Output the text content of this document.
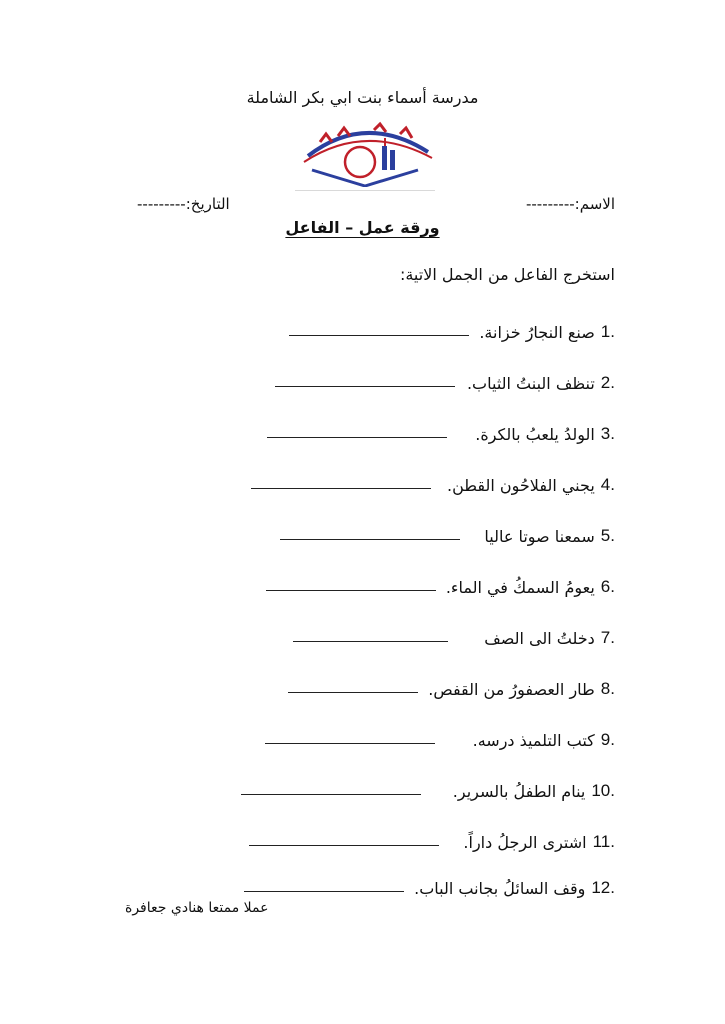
مدرسة أسماء بنت ابي بكر الشاملة
الاسم:---------
التاريخ:---------
ورقة عمل – الفاعل
استخرج الفاعل من الجمل الاتية:
.1
صنع النجارُ خزانة.
.2
تنظف البنتُ الثياب.
.3
الولدُ يلعبُ بالكرة.
.4
يجني الفلاحُون القطن.
.5
سمعنا صوتا عاليا
.6
يعومُ السمكُ في الماء.
.7
دخلتُ الى الصف
.8
طار العصفورُ من القفص.
.9
كتب التلميذ درسه.
.10
ينام الطفلُ بالسرير.
.11
اشترى الرجلُ داراً.
.12
وقف السائلُ بجانب الباب.
عملا ممتعا هنادي جعافرة
